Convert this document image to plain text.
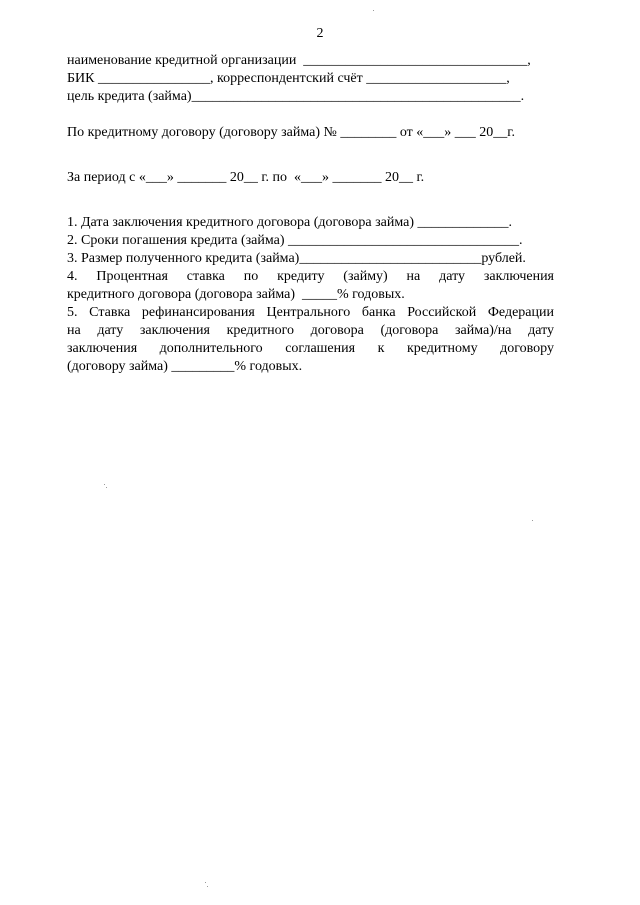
2
наименование кредитной организации  ________________________________,
БИК ________________, корреспондентский счёт ____________________,
цель кредита (займа)_______________________________________________.
По кредитному договору (договору займа) № ________ от «___» ___ 20__г.
За период с «___» _______ 20__ г. по  «___» _______ 20__ г.
1. Дата заключения кредитного договора (договора займа) _____________.
2. Сроки погашения кредита (займа) _________________________________.
3. Размер полученного кредита (займа)__________________________рублей.
4. Процентная ставка по кредиту (займу) на дату заключения
кредитного договора (договора займа)  _____% годовых.
5. Ставка рефинансирования Центрального банка Российской Федерации
на дату заключения кредитного договора (договора займа)/на дату
заключения дополнительного соглашения к кредитному договору
(договору займа) _________% годовых.
